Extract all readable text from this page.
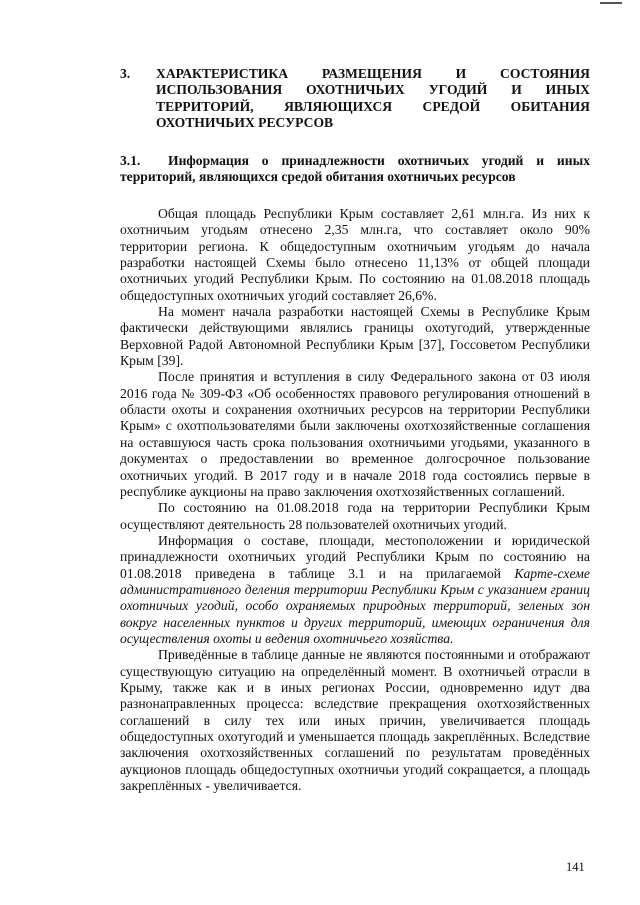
3. ХАРАКТЕРИСТИКА РАЗМЕЩЕНИЯ И СОСТОЯНИЯ
ИСПОЛЬЗОВАНИЯ ОХОТНИЧЬИХ УГОДИЙ И ИНЫХ
ТЕРРИТОРИЙ, ЯВЛЯЮЩИХСЯ СРЕДОЙ ОБИТАНИЯ
ОХОТНИЧЬИХ РЕСУРСОВ
3.1. Информация о принадлежности охотничьих угодий и иных
территорий, являющихся средой обитания охотничьих ресурсов

Общая площадь Республики Крым составляет 2,61 млн.га. Из них к охотничьим угодьям отнесено 2,35 млн.га, что составляет около 90% территории региона. К общедоступным охотничьим угодьям до начала разработки настоящей Схемы было отнесено 11,13% от общей площади охотничьих угодий Республики Крым. По состоянию на 01.08.2018 площадь общедоступных охотничьих угодий составляет 26,6%.

На момент начала разработки настоящей Схемы в Республике Крым фактически действующими являлись границы охотугодий, утвержденные Верховной Радой Автономной Республики Крым [37], Госсоветом Республики Крым [39].

После принятия и вступления в силу Федерального закона от 03 июля 2016 года № 309-ФЗ «Об особенностях правового регулирования отношений в области охоты и сохранения охотничьих ресурсов на территории Республики Крым» с охотпользователями были заключены охотхозяйственные соглашения на оставшуюся часть срока пользования охотничьими угодьями, указанного в документах о предоставлении во временное долгосрочное пользование охотничьих угодий. В 2017 году и в начале 2018 года состоялись первые в республике аукционы на право заключения охотхозяйственных соглашений.

По состоянию на 01.08.2018 года на территории Республики Крым осуществляют деятельность 28 пользователей охотничьих угодий.

Информация о составе, площади, местоположении и юридической принадлежности охотничьих угодий Республики Крым по состоянию на 01.08.2018 приведена в таблице 3.1 и на прилагаемой Карте-схеме административного деления территории Республики Крым с указанием границ охотничьих угодий, особо охраняемых природных территорий, зеленых зон вокруг населенных пунктов и других территорий, имеющих ограничения для осуществления охоты и ведения охотничьего хозяйства.

Приведённые в таблице данные не являются постоянными и отображают существующую ситуацию на определённый момент. В охотничьей отрасли в Крыму, также как и в иных регионах России, одновременно идут два разнонаправленных процесса: вследствие прекращения охотхозяйственных соглашений в силу тех или иных причин, увеличивается площадь общедоступных охотугодий и уменьшается площадь закреплённых. Вследствие заключения охотхозяйственных соглашений по результатам проведённых аукционов площадь общедоступных охотничьи угодий сокращается, а площадь закреплённых - увеличивается.

141
